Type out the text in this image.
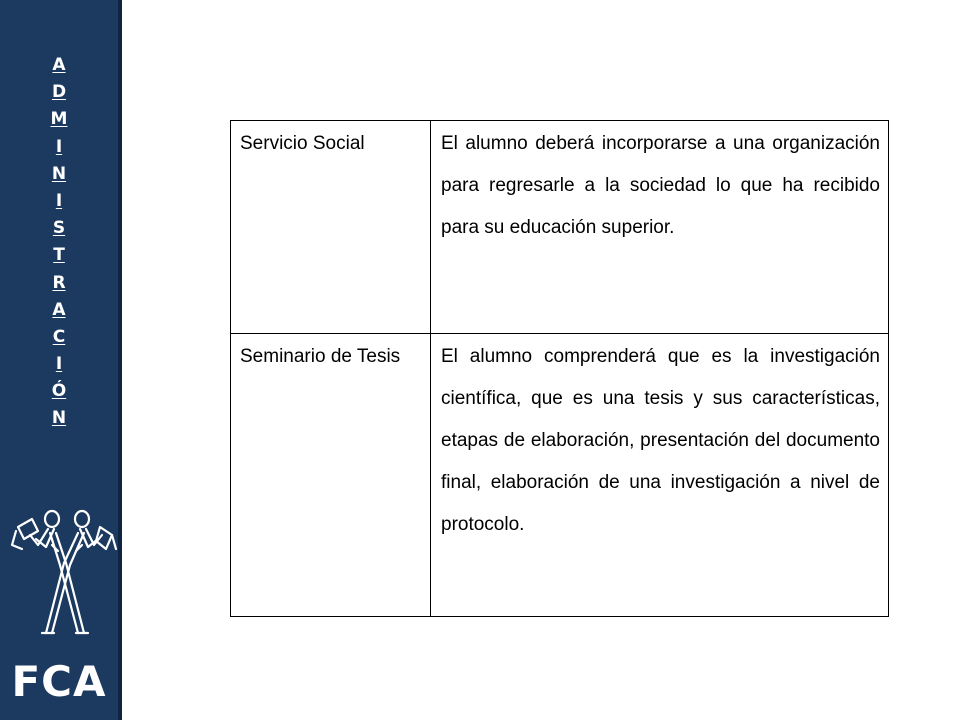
A
D
M
I
N
I
S
T
R
A
C
I
Ó
N
FCA
Servicio Social	El alumno deberá incorporarse a una organización para regresarle a la sociedad lo que ha recibido para su educación superior.
Seminario de Tesis	El alumno comprenderá que es la investigación científica, que es una tesis y sus características, etapas de elaboración, presentación del documento final, elaboración de una investigación a nivel de protocolo.
